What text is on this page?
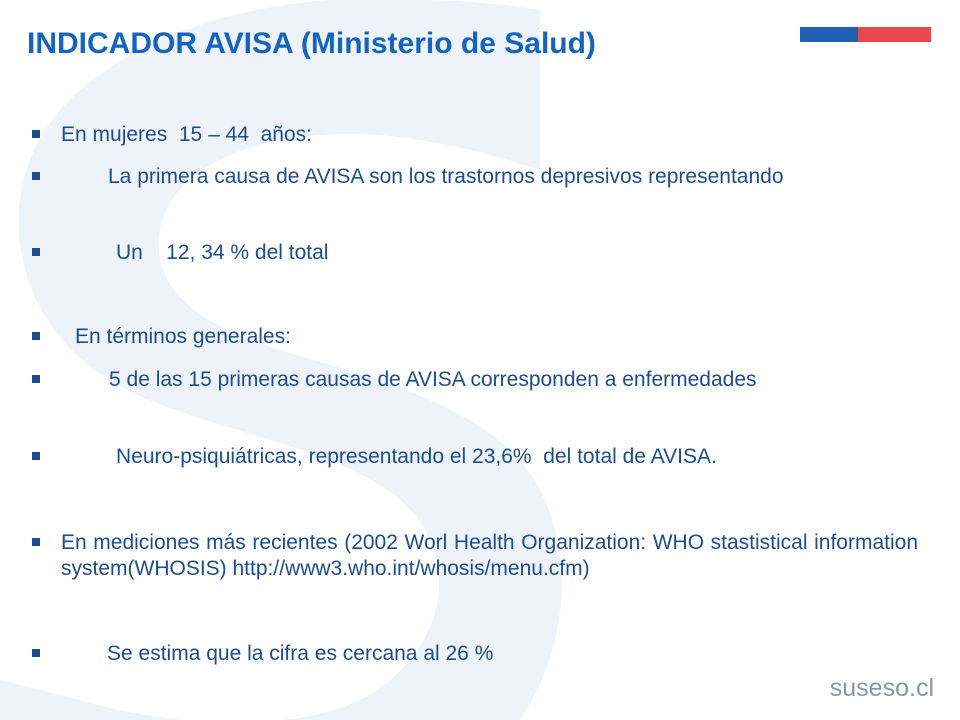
INDICADOR AVISA (Ministerio de Salud)
En mujeres  15 – 44  años:
La primera causa de AVISA son los trastornos depresivos representando
Un    12, 34 % del total
En términos generales:
5 de las 15 primeras causas de AVISA corresponden a enfermedades
Neuro-psiquiátricas, representando el 23,6%  del total de AVISA.
En mediciones más recientes (2002 Worl Health Organization: WHO stastistical information system(WHOSIS) http://www3.who.int/whosis/menu.cfm)
Se estima que la cifra es cercana al 26 %
suseso.cl
